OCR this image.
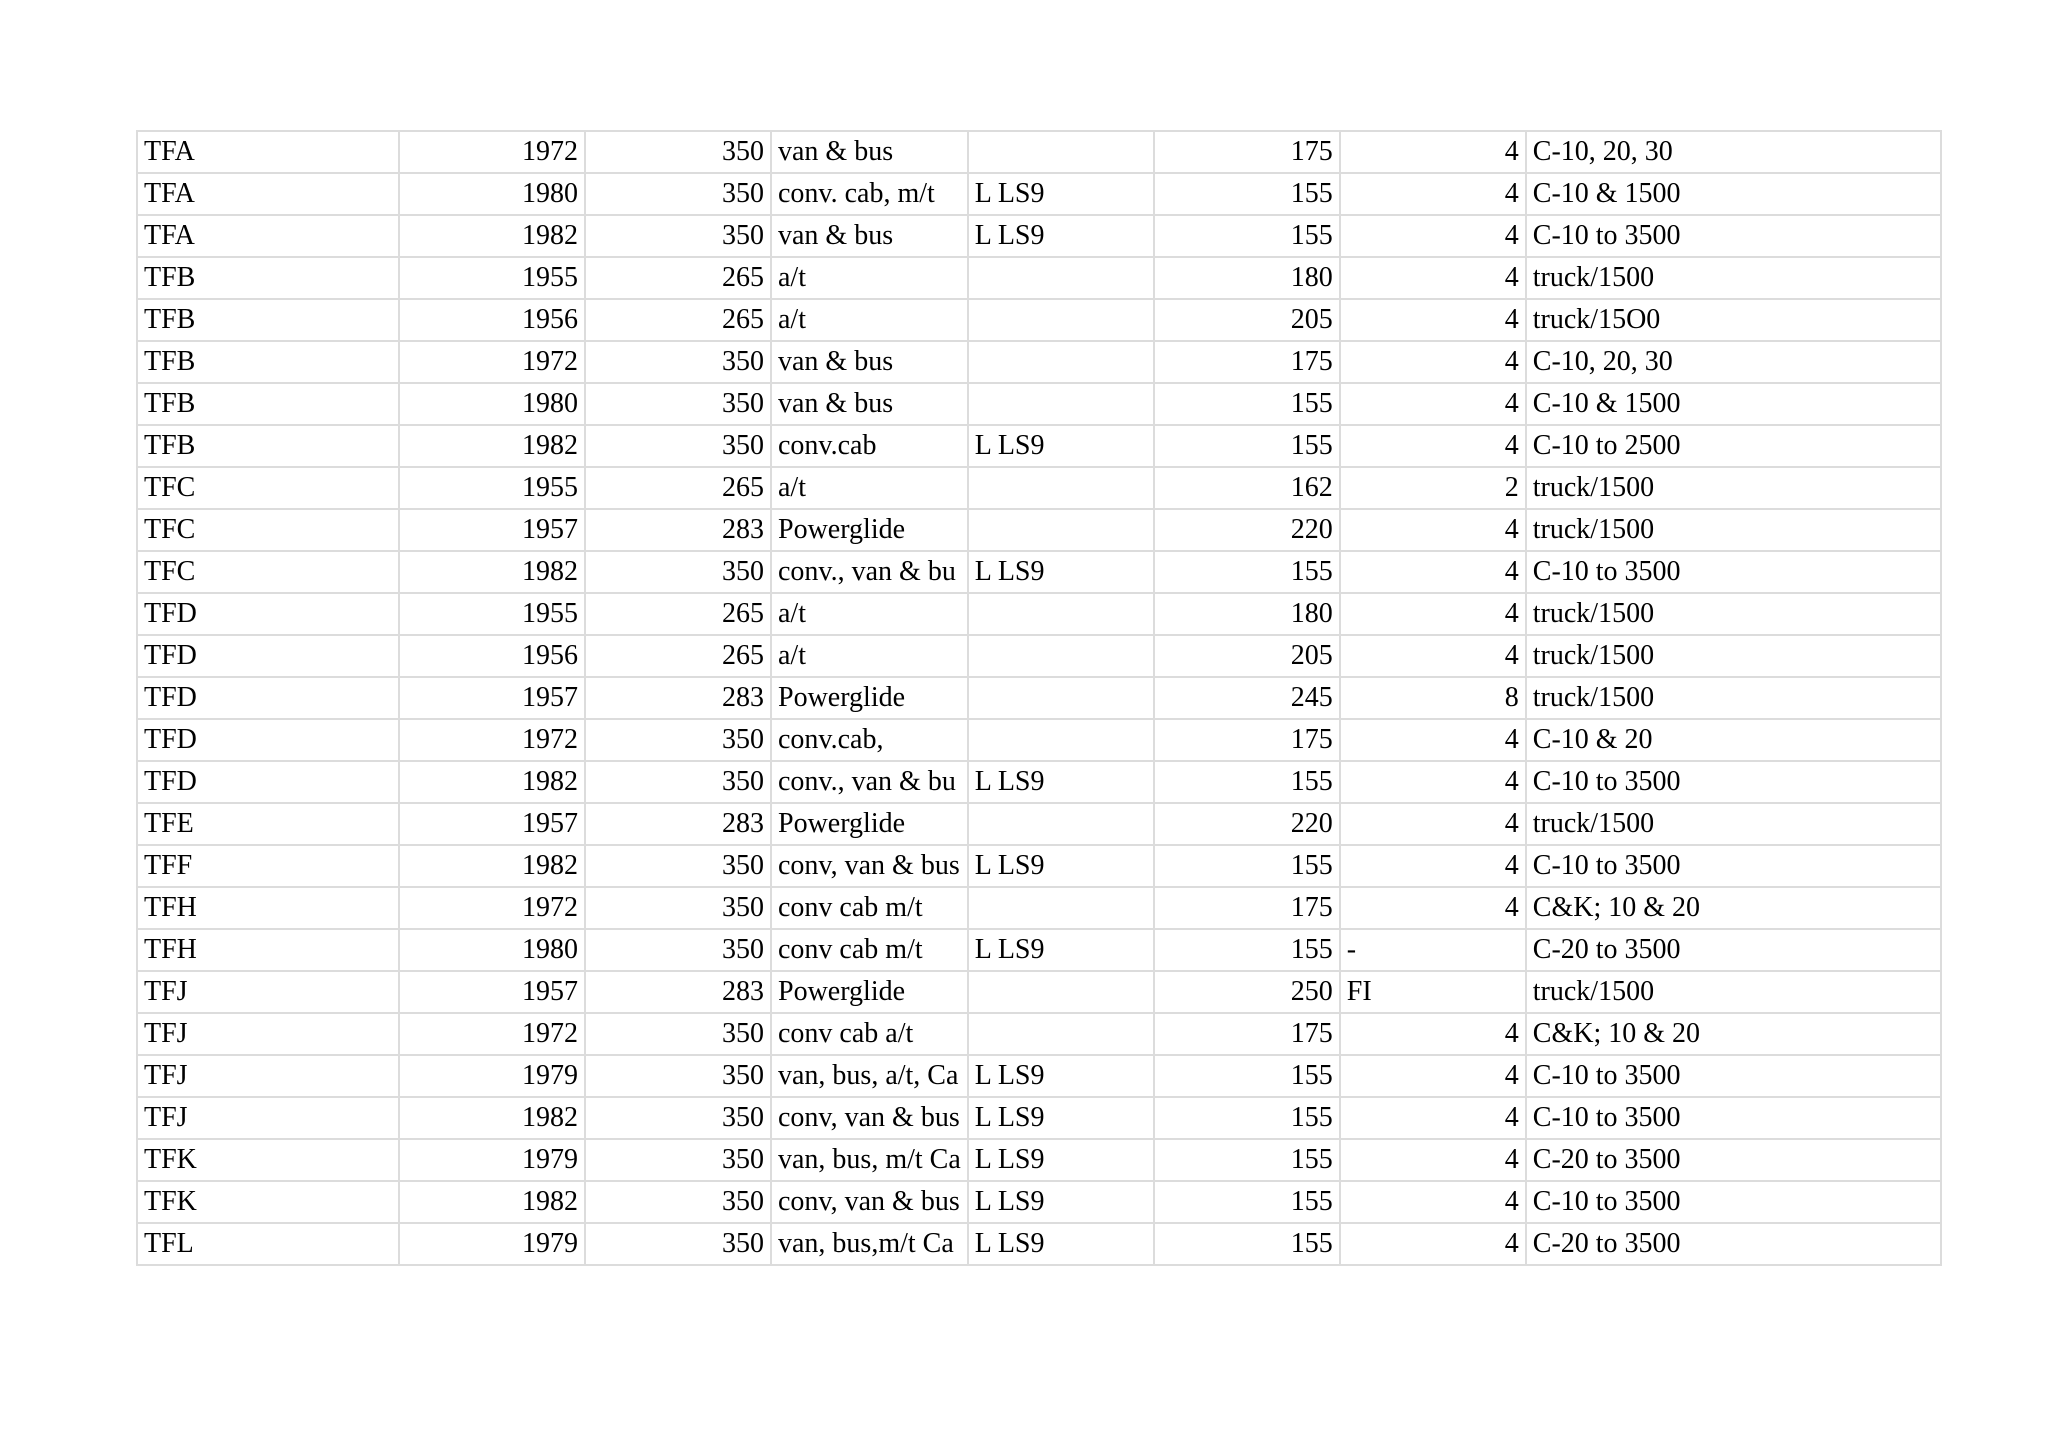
TFA	1972	350	van & bus		175	4	C-10, 20, 30
TFA	1980	350	conv. cab, m/t	L LS9	155	4	C-10 & 1500
TFA	1982	350	van & bus	L LS9	155	4	C-10 to 3500
TFB	1955	265	a/t		180	4	truck/1500
TFB	1956	265	a/t		205	4	truck/15O0
TFB	1972	350	van & bus		175	4	C-10, 20, 30
TFB	1980	350	van & bus		155	4	C-10 & 1500
TFB	1982	350	conv.cab	L LS9	155	4	C-10 to 2500
TFC	1955	265	a/t		162	2	truck/1500
TFC	1957	283	Powerglide		220	4	truck/1500
TFC	1982	350	conv., van & bu	L LS9	155	4	C-10 to 3500
TFD	1955	265	a/t		180	4	truck/1500
TFD	1956	265	a/t		205	4	truck/1500
TFD	1957	283	Powerglide		245	8	truck/1500
TFD	1972	350	conv.cab,		175	4	C-10 & 20
TFD	1982	350	conv., van & bu	L LS9	155	4	C-10 to 3500
TFE	1957	283	Powerglide		220	4	truck/1500
TFF	1982	350	conv, van & bus	L LS9	155	4	C-10 to 3500
TFH	1972	350	conv cab m/t		175	4	C&K; 10 & 20
TFH	1980	350	conv cab m/t	L LS9	155	-	C-20 to 3500
TFJ	1957	283	Powerglide		250	FI	truck/1500
TFJ	1972	350	conv cab a/t		175	4	C&K; 10 & 20
TFJ	1979	350	van, bus, a/t, Ca	L LS9	155	4	C-10 to 3500
TFJ	1982	350	conv, van & bus	L LS9	155	4	C-10 to 3500
TFK	1979	350	van, bus, m/t Ca	L LS9	155	4	C-20 to 3500
TFK	1982	350	conv, van & bus	L LS9	155	4	C-10 to 3500
TFL	1979	350	van, bus,m/t Ca	L LS9	155	4	C-20 to 3500
